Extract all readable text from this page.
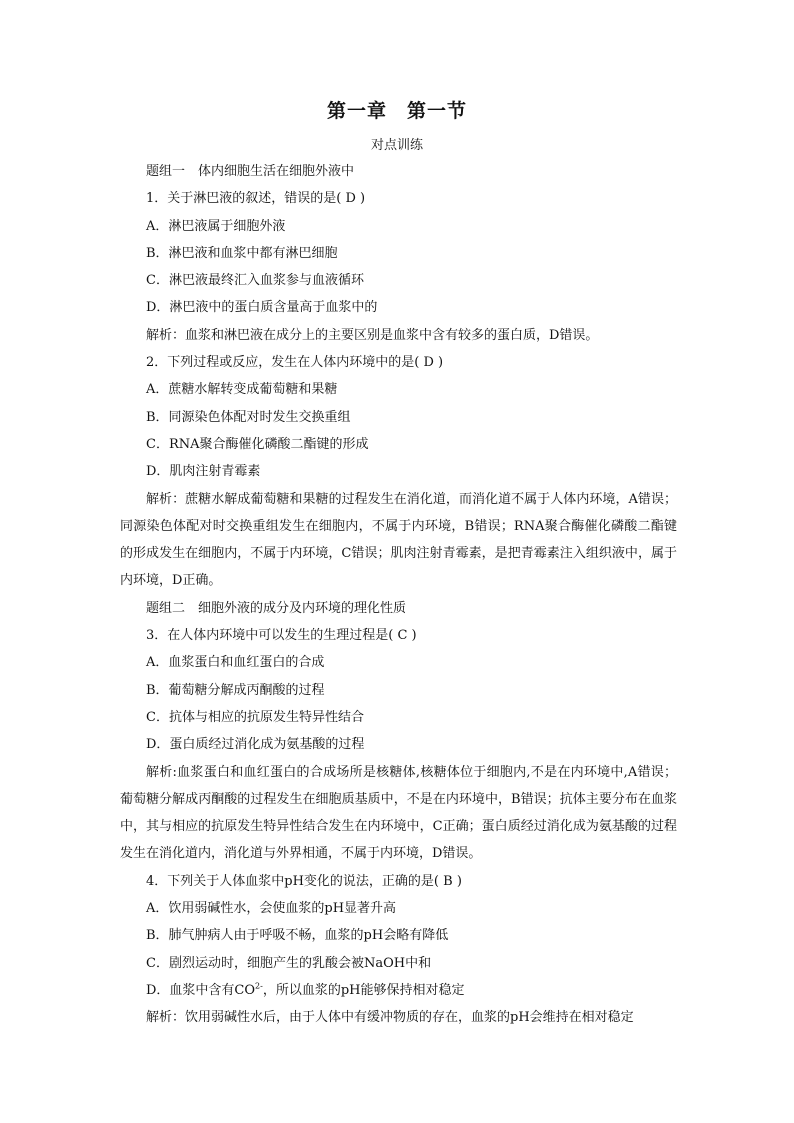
第一章　第一节
对点训练
题组一　体内细胞生活在细胞外液中
1．关于淋巴液的叙述，错误的是( D )
A．淋巴液属于细胞外液
B．淋巴液和血浆中都有淋巴细胞
C．淋巴液最终汇入血浆参与血液循环
D．淋巴液中的蛋白质含量高于血浆中的
解析：血浆和淋巴液在成分上的主要区别是血浆中含有较多的蛋白质，D错误。
2．下列过程或反应，发生在人体内环境中的是( D )
A．蔗糖水解转变成葡萄糖和果糖
B．同源染色体配对时发生交换重组
C．RNA聚合酶催化磷酸二酯键的形成
D．肌肉注射青霉素
解析：蔗糖水解成葡萄糖和果糖的过程发生在消化道，而消化道不属于人体内环境，A错误；同源染色体配对时交换重组发生在细胞内，不属于内环境，B错误；RNA聚合酶催化磷酸二酯键的形成发生在细胞内，不属于内环境，C错误；肌肉注射青霉素，是把青霉素注入组织液中，属于内环境，D正确。
题组二　细胞外液的成分及内环境的理化性质
3．在人体内环境中可以发生的生理过程是( C )
A．血浆蛋白和血红蛋白的合成
B．葡萄糖分解成丙酮酸的过程
C．抗体与相应的抗原发生特异性结合
D．蛋白质经过消化成为氨基酸的过程
解析:血浆蛋白和血红蛋白的合成场所是核糖体,核糖体位于细胞内,不是在内环境中,A错误；葡萄糖分解成丙酮酸的过程发生在细胞质基质中，不是在内环境中，B错误；抗体主要分布在血浆中，其与相应的抗原发生特异性结合发生在内环境中，C正确；蛋白质经过消化成为氨基酸的过程发生在消化道内，消化道与外界相通，不属于内环境，D错误。
4．下列关于人体血浆中pH变化的说法，正确的是( B )
A．饮用弱碱性水，会使血浆的pH显著升高
B．肺气肿病人由于呼吸不畅，血浆的pH会略有降低
C．剧烈运动时，细胞产生的乳酸会被NaOH中和
D．血浆中含有$CO^{2-}$，所以血浆的pH能够保持相对稳定
解析：饮用弱碱性水后，由于人体中有缓冲物质的存在，血浆的pH会维持在相对稳定
